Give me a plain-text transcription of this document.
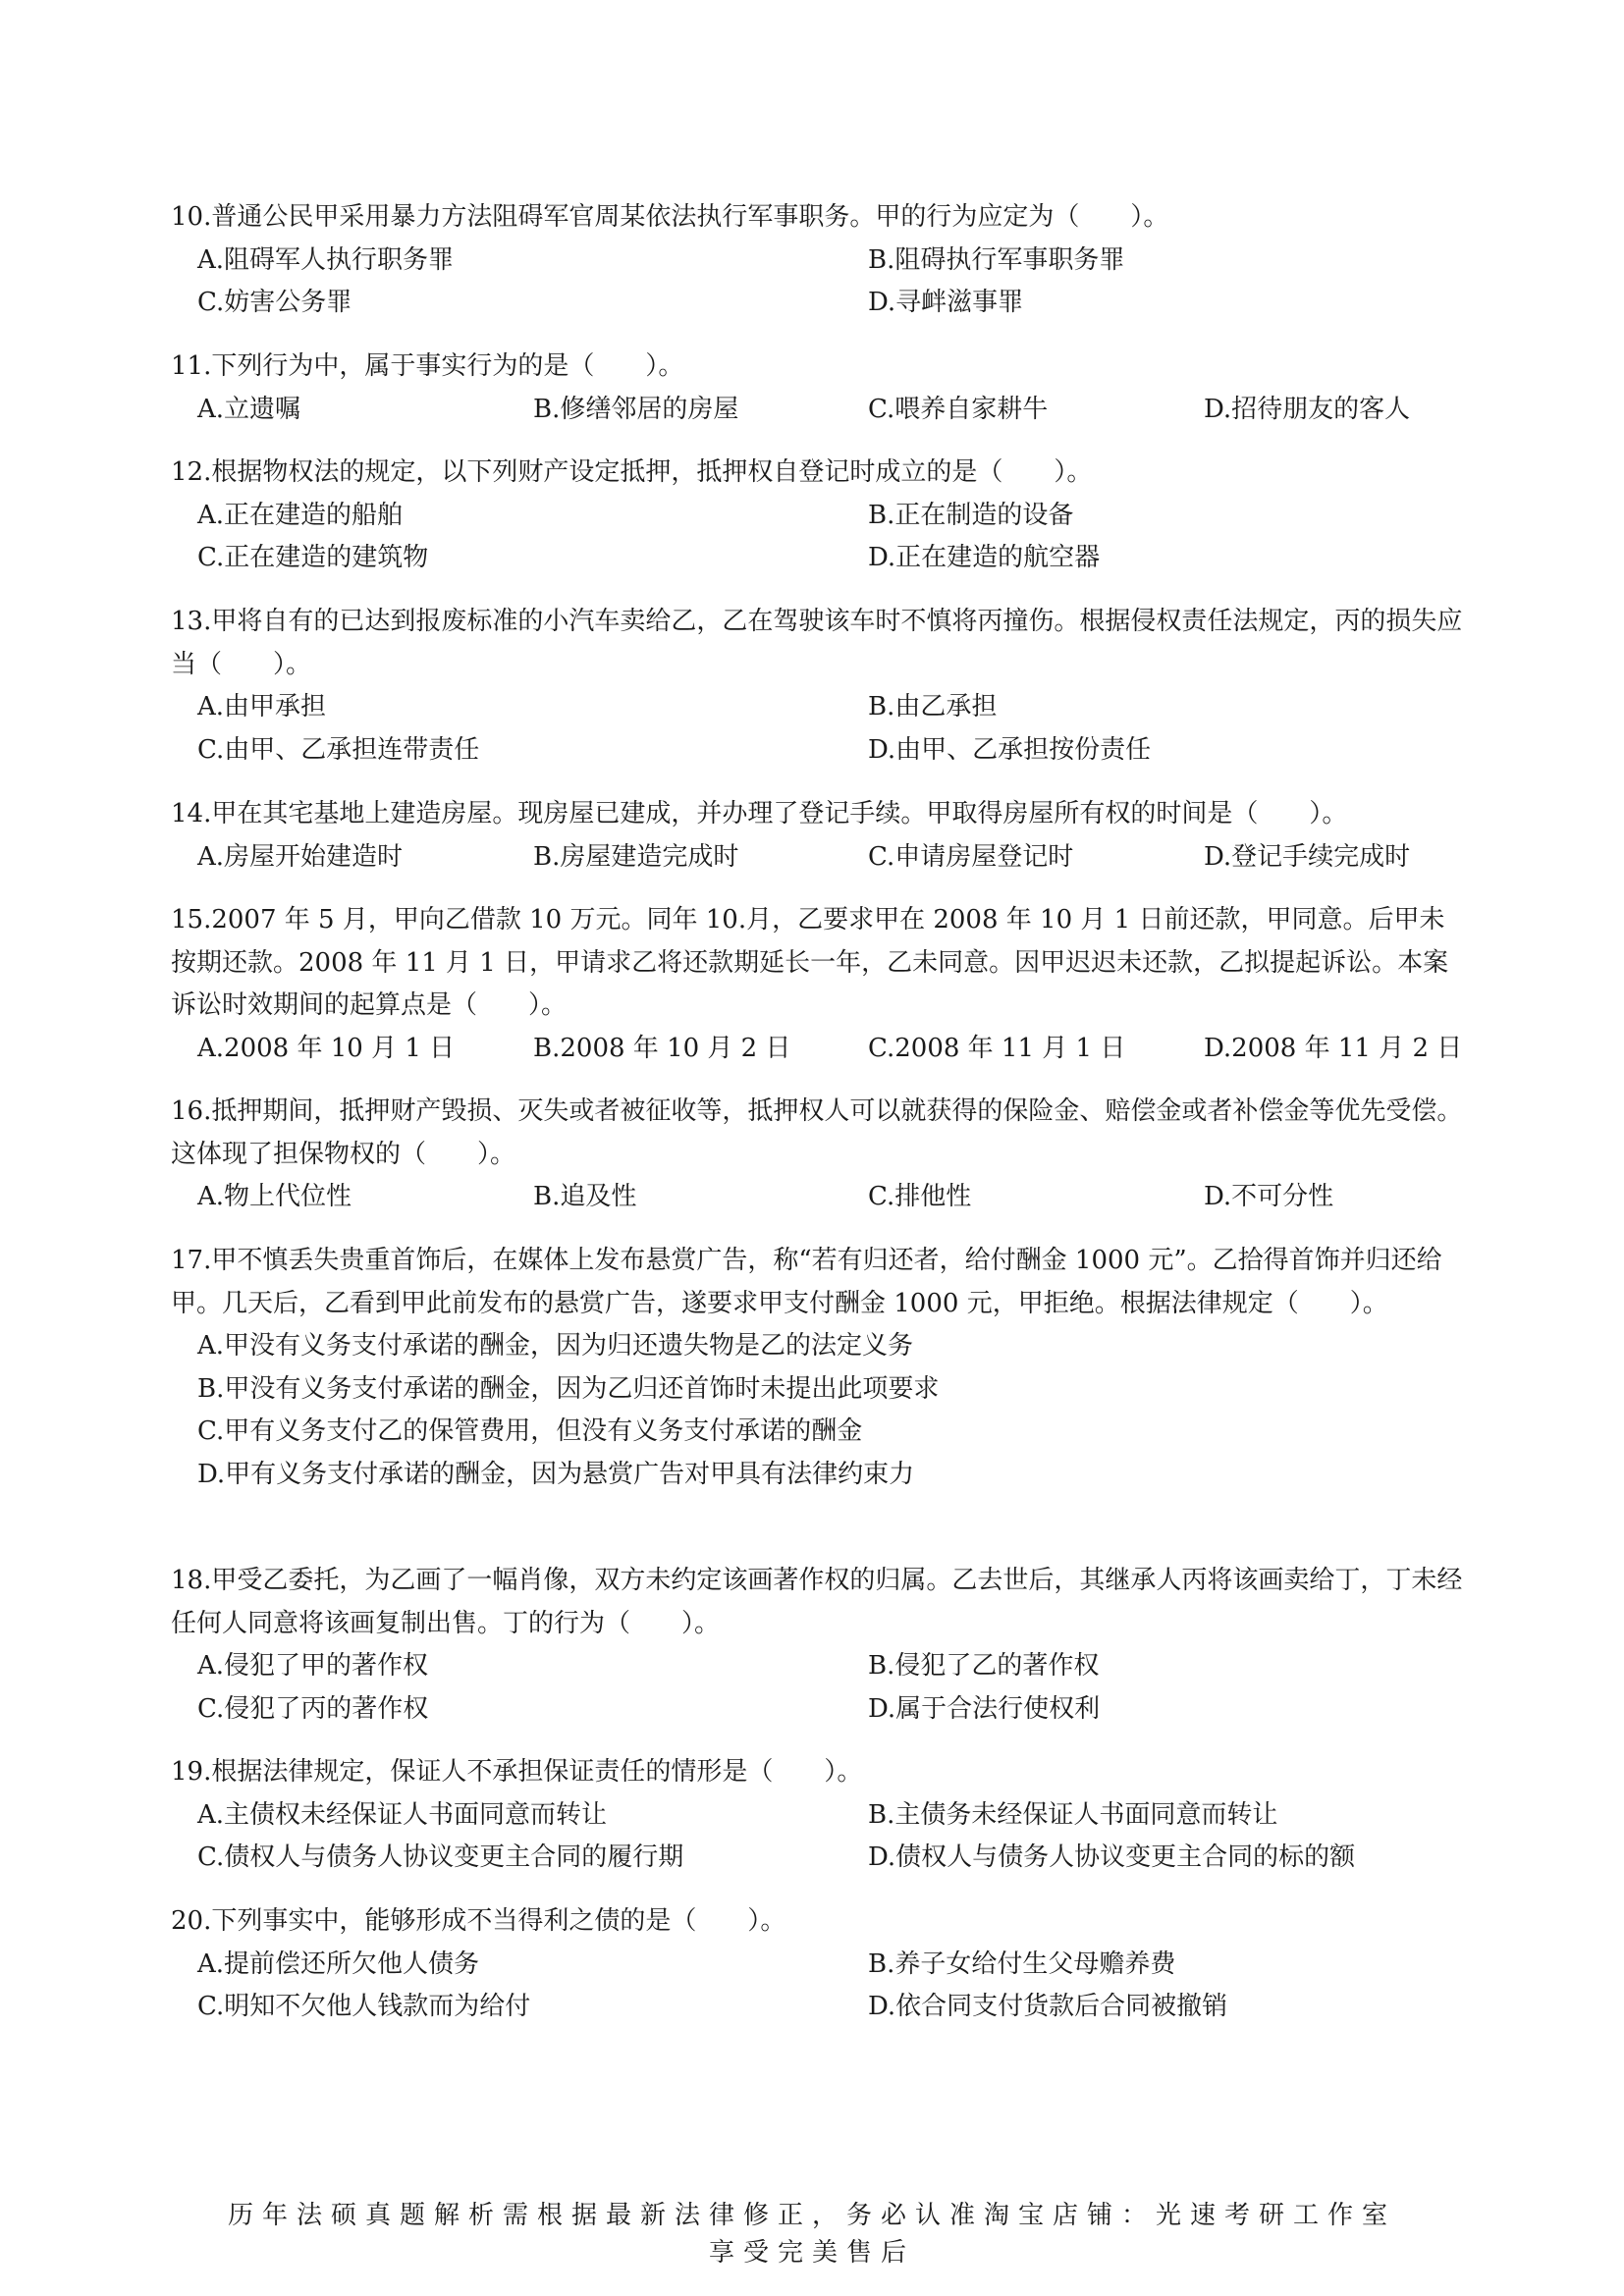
10.普通公民甲采用暴力方法阻碍军官周某依法执行军事职务。甲的行为应定为（　　）。
A.阻碍军人执行职务罪	B.阻碍执行军事职务罪
C.妨害公务罪	D.寻衅滋事罪
11.下列行为中，属于事实行为的是（　　）。
A.立遗嘱	B.修缮邻居的房屋	C.喂养自家耕牛	D.招待朋友的客人
12.根据物权法的规定，以下列财产设定抵押，抵押权自登记时成立的是（　　）。
A.正在建造的船舶	B.正在制造的设备
C.正在建造的建筑物	D.正在建造的航空器
13.甲将自有的已达到报废标准的小汽车卖给乙，乙在驾驶该车时不慎将丙撞伤。根据侵权责任法规定，丙的损失应当（　　）。
A.由甲承担	B.由乙承担
C.由甲、乙承担连带责任	D.由甲、乙承担按份责任
14.甲在其宅基地上建造房屋。现房屋已建成，并办理了登记手续。甲取得房屋所有权的时间是（　　）。
A.房屋开始建造时	B.房屋建造完成时	C.申请房屋登记时	D.登记手续完成时
15.2007 年 5 月，甲向乙借款 10 万元。同年 10.月，乙要求甲在 2008 年 10 月 1 日前还款，甲同意。后甲未按期还款。2008 年 11 月 1 日，甲请求乙将还款期延长一年，乙未同意。因甲迟迟未还款，乙拟提起诉讼。本案诉讼时效期间的起算点是（　　）。
A.2008 年 10 月 1 日	B.2008 年 10 月 2 日	C.2008 年 11 月 1 日	D.2008 年 11 月 2 日
16.抵押期间，抵押财产毁损、灭失或者被征收等，抵押权人可以就获得的保险金、赔偿金或者补偿金等优先受偿。这体现了担保物权的（　　）。
A.物上代位性	B.追及性	C.排他性	D.不可分性
17.甲不慎丢失贵重首饰后，在媒体上发布悬赏广告，称“若有归还者，给付酬金 1000 元”。乙拾得首饰并归还给甲。几天后，乙看到甲此前发布的悬赏广告，遂要求甲支付酬金 1000 元，甲拒绝。根据法律规定（　　）。
A.甲没有义务支付承诺的酬金，因为归还遗失物是乙的法定义务
B.甲没有义务支付承诺的酬金，因为乙归还首饰时未提出此项要求
C.甲有义务支付乙的保管费用，但没有义务支付承诺的酬金
D.甲有义务支付承诺的酬金，因为悬赏广告对甲具有法律约束力
18.甲受乙委托，为乙画了一幅肖像，双方未约定该画著作权的归属。乙去世后，其继承人丙将该画卖给丁，丁未经任何人同意将该画复制出售。丁的行为（　　）。
A.侵犯了甲的著作权	B.侵犯了乙的著作权
C.侵犯了丙的著作权	D.属于合法行使权利
19.根据法律规定，保证人不承担保证责任的情形是（　　）。
A.主债权未经保证人书面同意而转让	B.主债务未经保证人书面同意而转让
C.债权人与债务人协议变更主合同的履行期	D.债权人与债务人协议变更主合同的标的额
20.下列事实中，能够形成不当得利之债的是（　　）。
A.提前偿还所欠他人债务	B.养子女给付生父母赡养费
C.明知不欠他人钱款而为给付	D.依合同支付货款后合同被撤销
历年法硕真题解析需根据最新法律修正，务必认准淘宝店铺：光速考研工作室
享受完美售后
